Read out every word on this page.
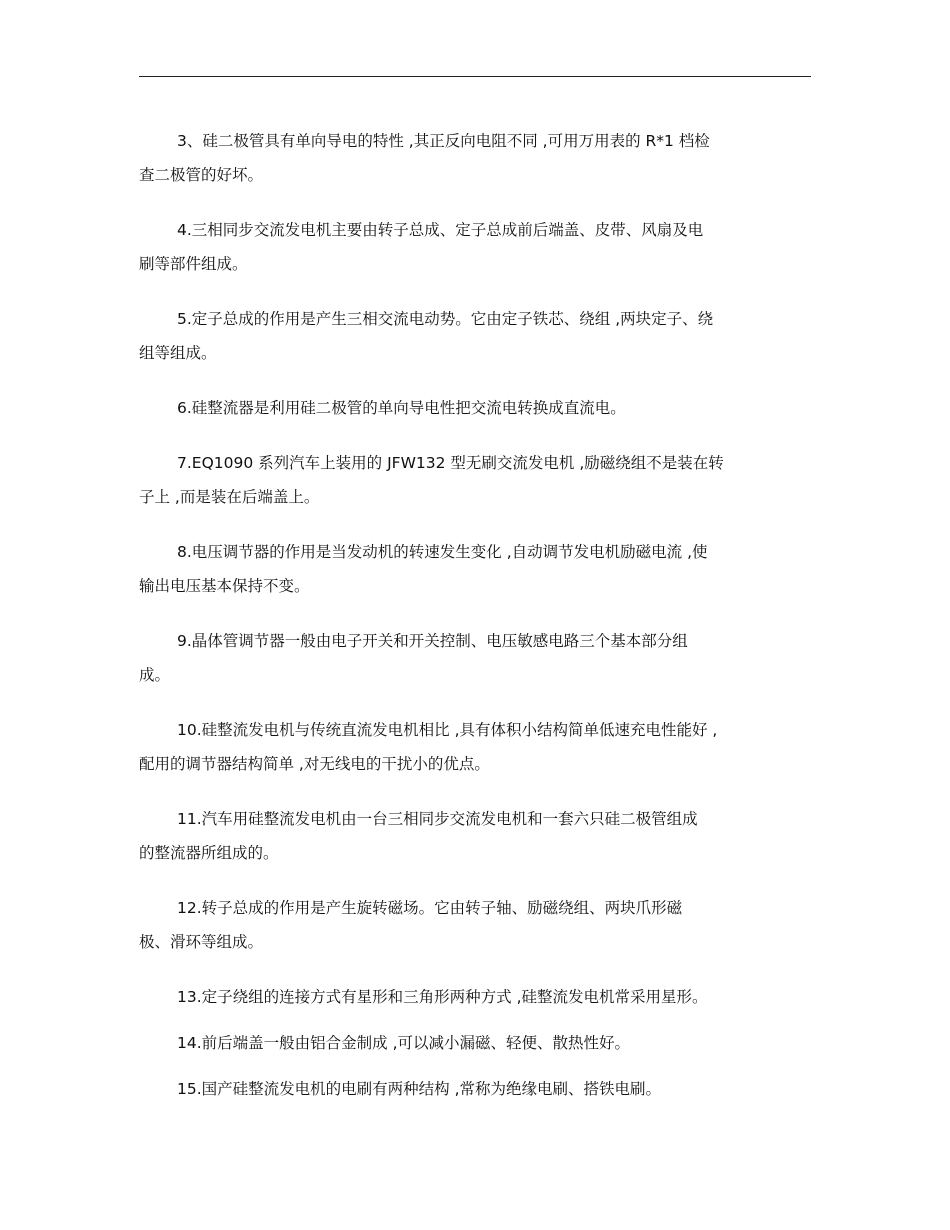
3、硅二极管具有单向导电的特性 ,其正反向电阻不同 ,可用万用表的 R*1 档检
查二极管的好坏。

4.三相同步交流发电机主要由转子总成、定子总成前后端盖、皮带、风扇及电
刷等部件组成。

5.定子总成的作用是产生三相交流电动势。它由定子铁芯、绕组 ,两块定子、绕
组等组成。

6.硅整流器是利用硅二极管的单向导电性把交流电转换成直流电。

7.EQ1090 系列汽车上装用的 JFW132 型无刷交流发电机 ,励磁绕组不是装在转
子上 ,而是装在后端盖上。

8.电压调节器的作用是当发动机的转速发生变化 ,自动调节发电机励磁电流 ,使
输出电压基本保持不变。

9.晶体管调节器一般由电子开关和开关控制、电压敏感电路三个基本部分组
成。

10.硅整流发电机与传统直流发电机相比 ,具有体积小结构简单低速充电性能好 ,
配用的调节器结构简单 ,对无线电的干扰小的优点。

11.汽车用硅整流发电机由一台三相同步交流发电机和一套六只硅二极管组成
的整流器所组成的。

12.转子总成的作用是产生旋转磁场。它由转子轴、励磁绕组、两块爪形磁
极、滑环等组成。

13.定子绕组的连接方式有星形和三角形两种方式 ,硅整流发电机常采用星形。

14.前后端盖一般由铝合金制成 ,可以减小漏磁、轻便、散热性好。

15.国产硅整流发电机的电刷有两种结构 ,常称为绝缘电刷、搭铁电刷。
